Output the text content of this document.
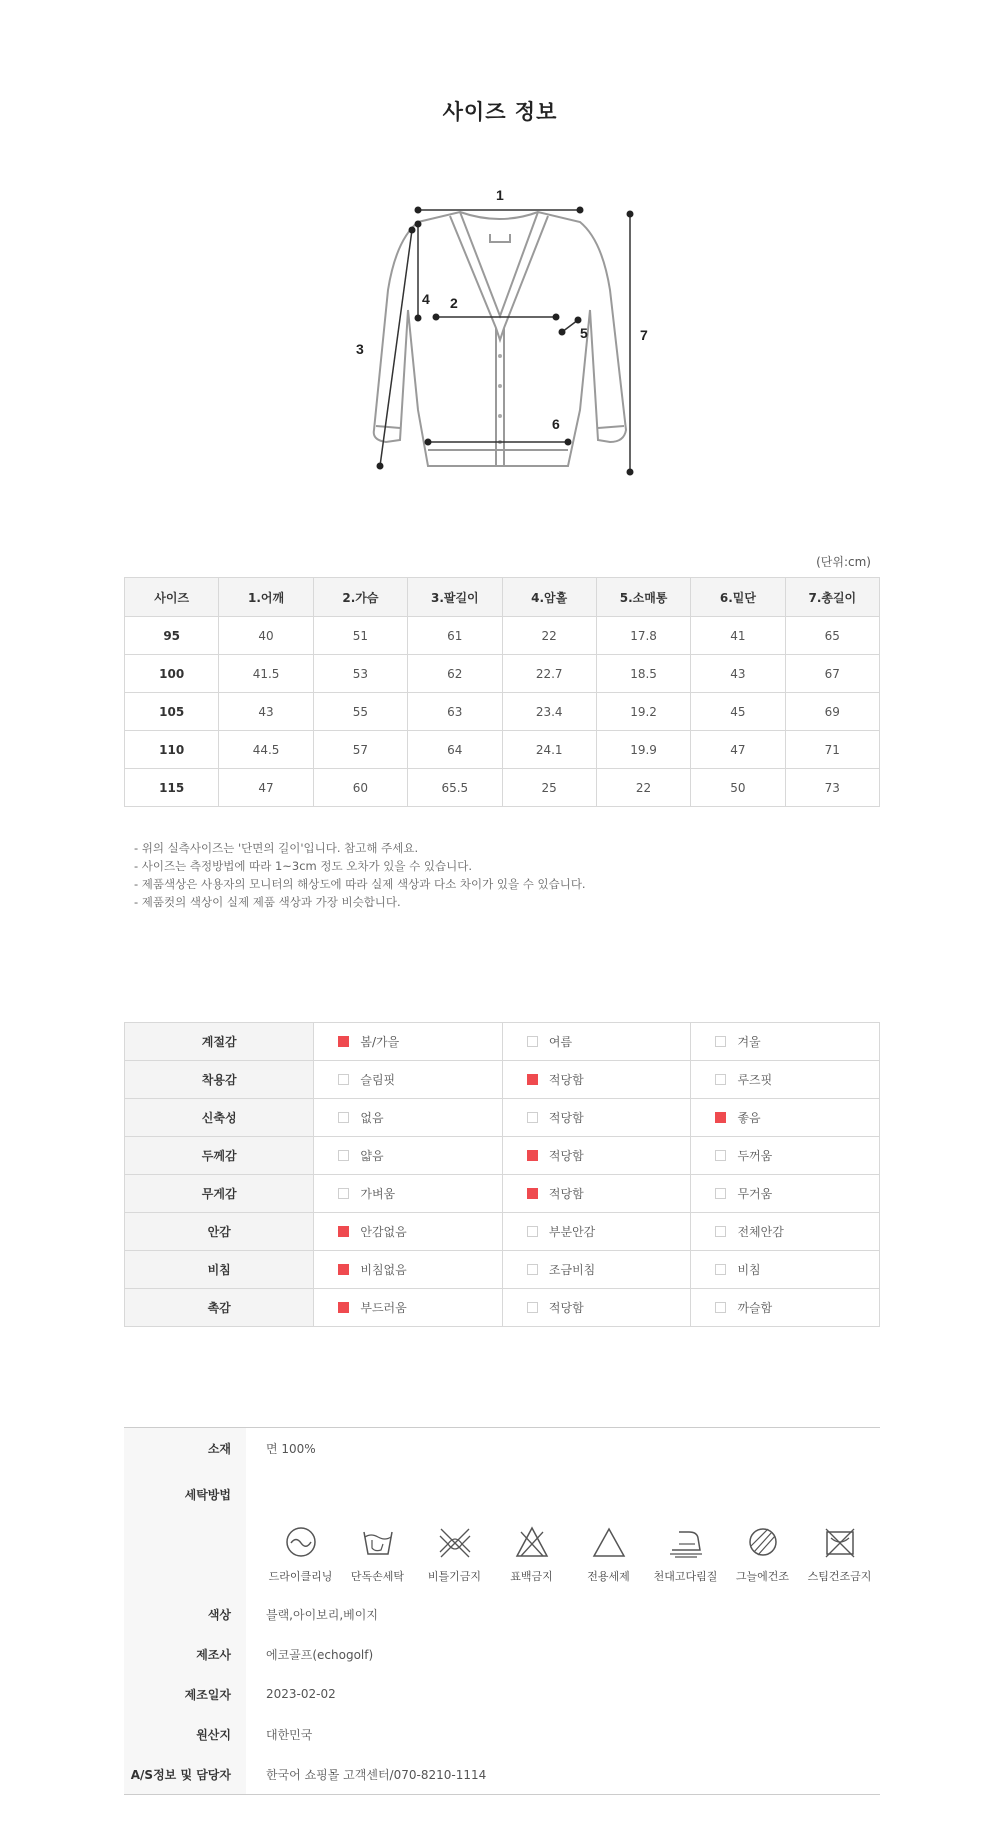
사이즈 정보
1
2
3
4
5
6
7
(단위:cm)
사이즈	1.어깨	2.가슴	3.팔길이	4.암홀	5.소매통	6.밑단	7.총길이
95	40	51	61	22	17.8	41	65
100	41.5	53	62	22.7	18.5	43	67
105	43	55	63	23.4	19.2	45	69
110	44.5	57	64	24.1	19.9	47	71
115	47	60	65.5	25	22	50	73
- 위의 실측사이즈는 '단면의 길이'입니다. 참고해 주세요.
- 사이즈는 측정방법에 따라 1~3cm 정도 오차가 있을 수 있습니다.
- 제품색상은 사용자의 모니터의 해상도에 따라 실제 색상과 다소 차이가 있을 수 있습니다.
- 제품컷의 색상이 실제 제품 색상과 가장 비슷합니다.
계절감	봄/가을	여름	겨울

착용감	슬림핏	적당함	루즈핏

신축성	없음	적당함	좋음

두께감	얇음	적당함	두꺼움

무게감	가벼움	적당함	무거움

안감	안감없음	부분안감	전체안감

비침	비침없음	조금비침	비침

촉감	부드러움	적당함	까슬함
소재	면 100%
세탁방법
드라이클리닝	단독손세탁	비틀기금지	표백금지	전용세제	천대고다림질	그늘에건조	스팀건조금지
색상	블랙,아이보리,베이지
제조사	에코골프(echogolf)
제조일자	2023-02-02
원산지	대한민국
A/S정보 및 담당자	한국어 쇼핑몰 고객센터/070-8210-1114
